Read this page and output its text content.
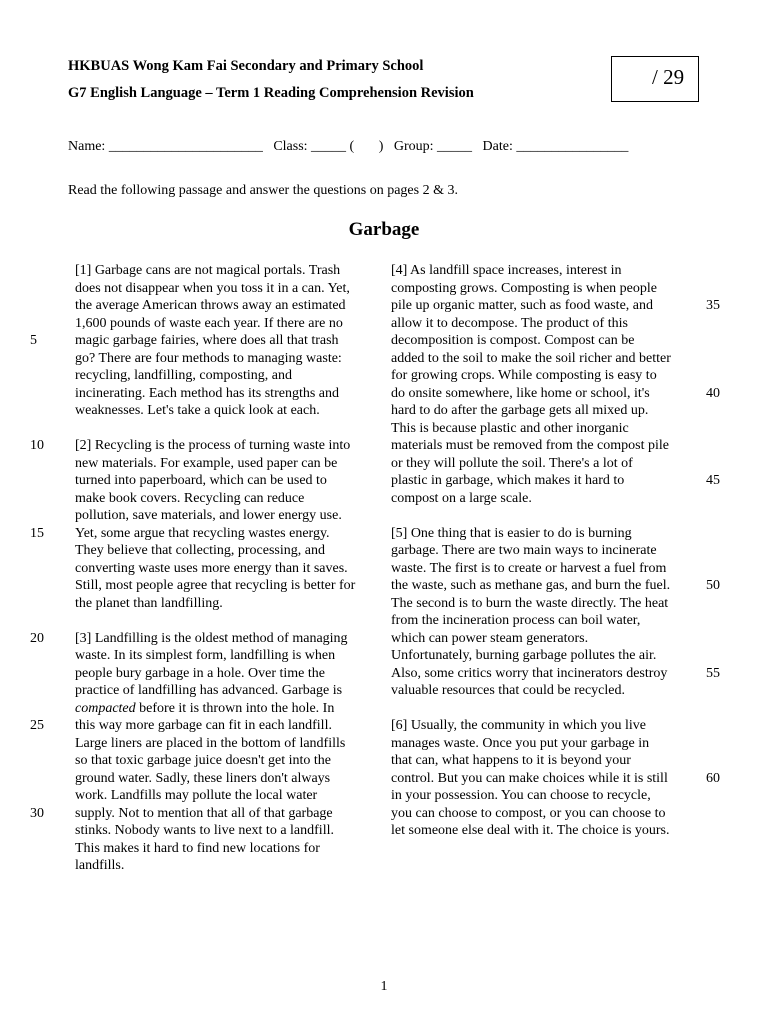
HKBUAS Wong Kam Fai Secondary and Primary School
G7 English Language – Term 1 Reading Comprehension Revision
/ 29
Name: ______________________   Class: _____ (       )   Group: _____   Date: ________________
Read the following passage and answer the questions on pages 2 & 3.
Garbage
[1] Garbage cans are not magical portals. Trash
does not disappear when you toss it in a can. Yet,
the average American throws away an estimated
1,600 pounds of waste each year. If there are no
magic garbage fairies, where does all that trash
go? There are four methods to managing waste:
recycling, landfilling, composting, and
incinerating. Each method has its strengths and
weaknesses. Let's take a quick look at each.
[2] Recycling is the process of turning waste into
new materials. For example, used paper can be
turned into paperboard, which can be used to
make book covers. Recycling can reduce
pollution, save materials, and lower energy use.
Yet, some argue that recycling wastes energy.
They believe that collecting, processing, and
converting waste uses more energy than it saves.
Still, most people agree that recycling is better for
the planet than landfilling.
[3] Landfilling is the oldest method of managing
waste. In its simplest form, landfilling is when
people bury garbage in a hole. Over time the
practice of landfilling has advanced. Garbage is
compacted before it is thrown into the hole. In
this way more garbage can fit in each landfill.
Large liners are placed in the bottom of landfills
so that toxic garbage juice doesn't get into the
ground water. Sadly, these liners don't always
work. Landfills may pollute the local water
supply. Not to mention that all of that garbage
stinks. Nobody wants to live next to a landfill.
This makes it hard to find new locations for
landfills.
[4] As landfill space increases, interest in
composting grows. Composting is when people
pile up organic matter, such as food waste, and
allow it to decompose. The product of this
decomposition is compost. Compost can be
added to the soil to make the soil richer and better
for growing crops. While composting is easy to
do onsite somewhere, like home or school, it's
hard to do after the garbage gets all mixed up.
This is because plastic and other inorganic
materials must be removed from the compost pile
or they will pollute the soil. There's a lot of
plastic in garbage, which makes it hard to
compost on a large scale.
[5] One thing that is easier to do is burning
garbage. There are two main ways to incinerate
waste. The first is to create or harvest a fuel from
the waste, such as methane gas, and burn the fuel.
The second is to burn the waste directly. The heat
from the incineration process can boil water,
which can power steam generators.
Unfortunately, burning garbage pollutes the air.
Also, some critics worry that incinerators destroy
valuable resources that could be recycled.
[6] Usually, the community in which you live
manages waste. Once you put your garbage in
that can, what happens to it is beyond your
control. But you can make choices while it is still
in your possession. You can choose to recycle,
you can choose to compost, or you can choose to
let someone else deal with it. The choice is yours.
5
10
15
20
25
30
35
40
45
50
55
60
1
